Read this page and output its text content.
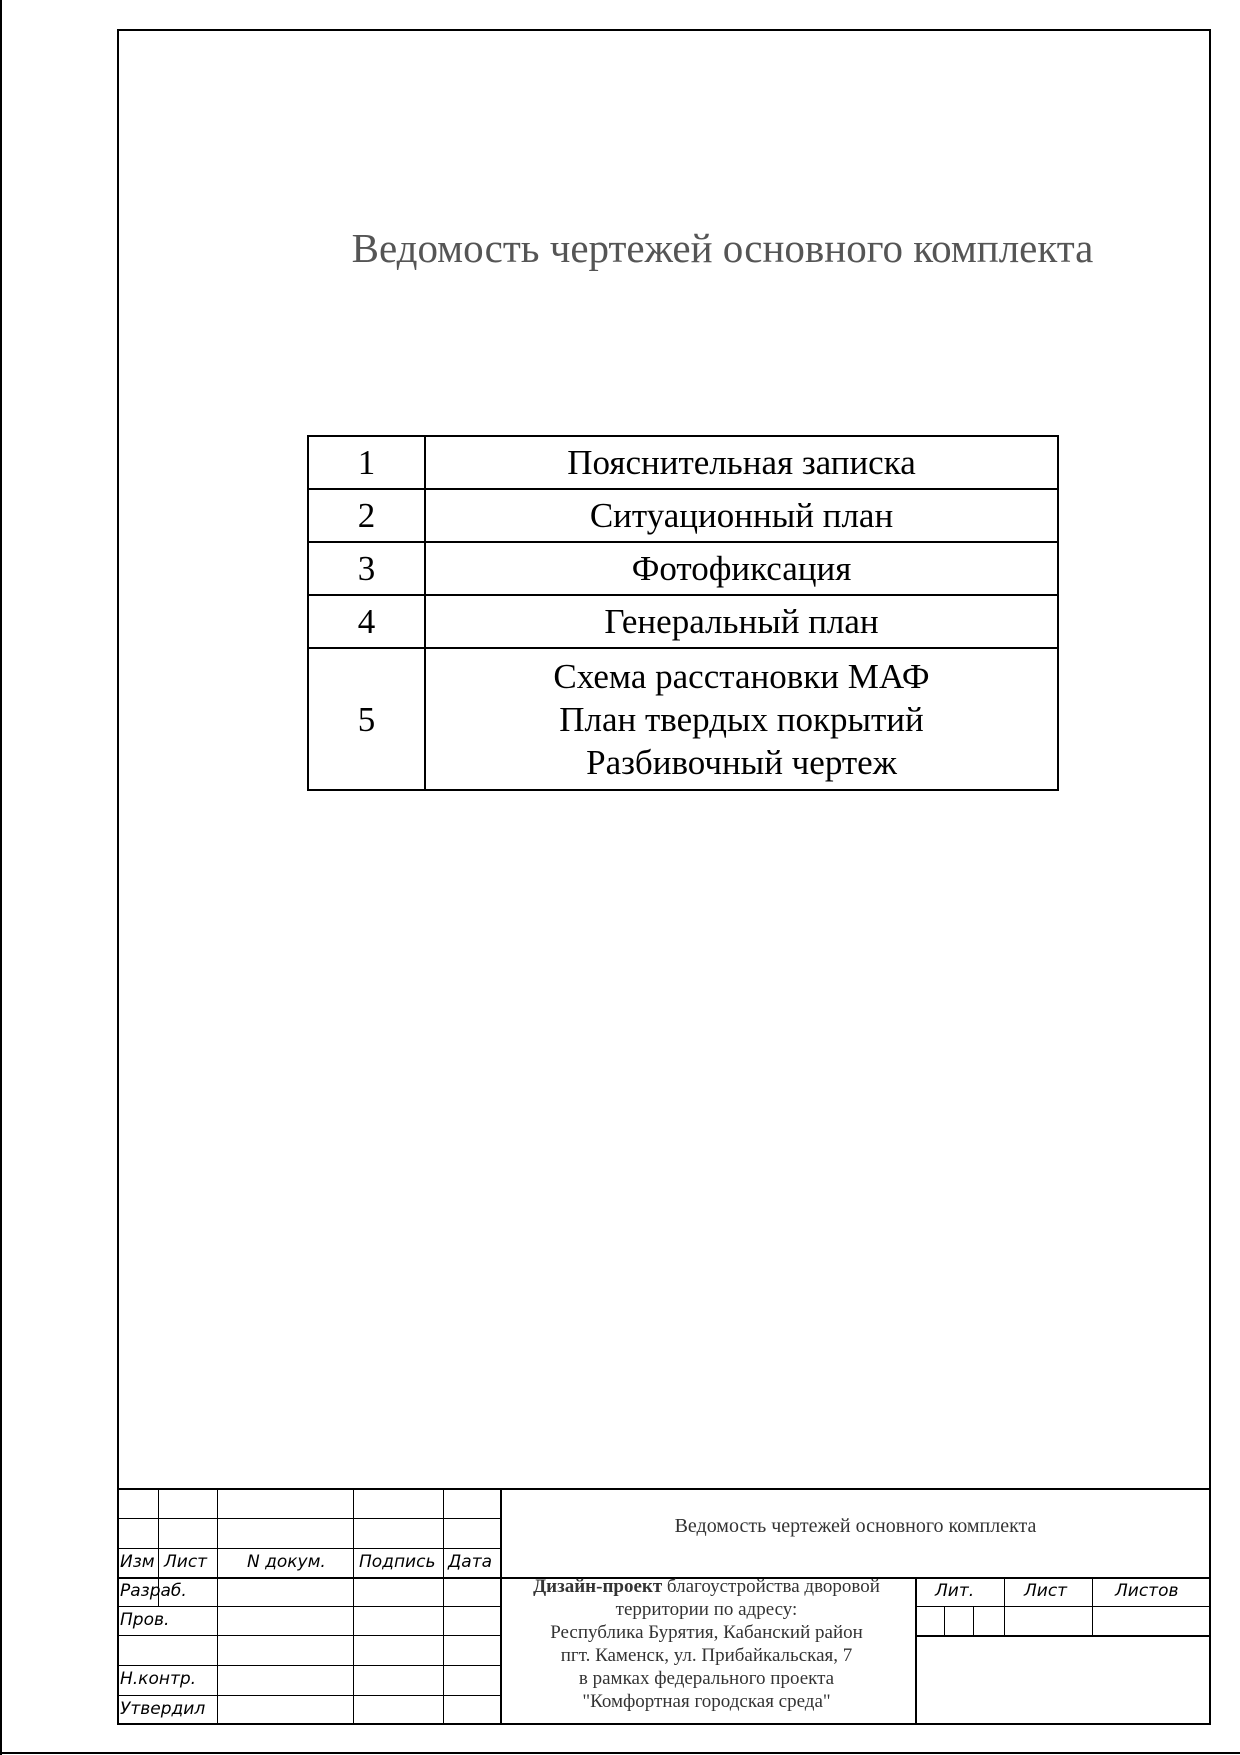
Ведомость чертежей основного комплекта
1	Пояснительная записка
2	Ситуационный план
3	Фотофиксация
4	Генеральный план
5	Схема расстановки МАФ
План твердых покрытий
Разбивочный чертеж
Изм Лист N докум. Подпись Дата
Разраб.
Пров.
Н.контр.
Утвердил
Ведомость чертежей основного комплекта
Дизайн-проект благоустройства дворовой
территории по адресу:
Республика Бурятия, Кабанский район
пгт. Каменск, ул. Прибайкальская, 7
в рамках федерального проекта
"Комфортная городская среда"
Лит.	Лист	Листов
